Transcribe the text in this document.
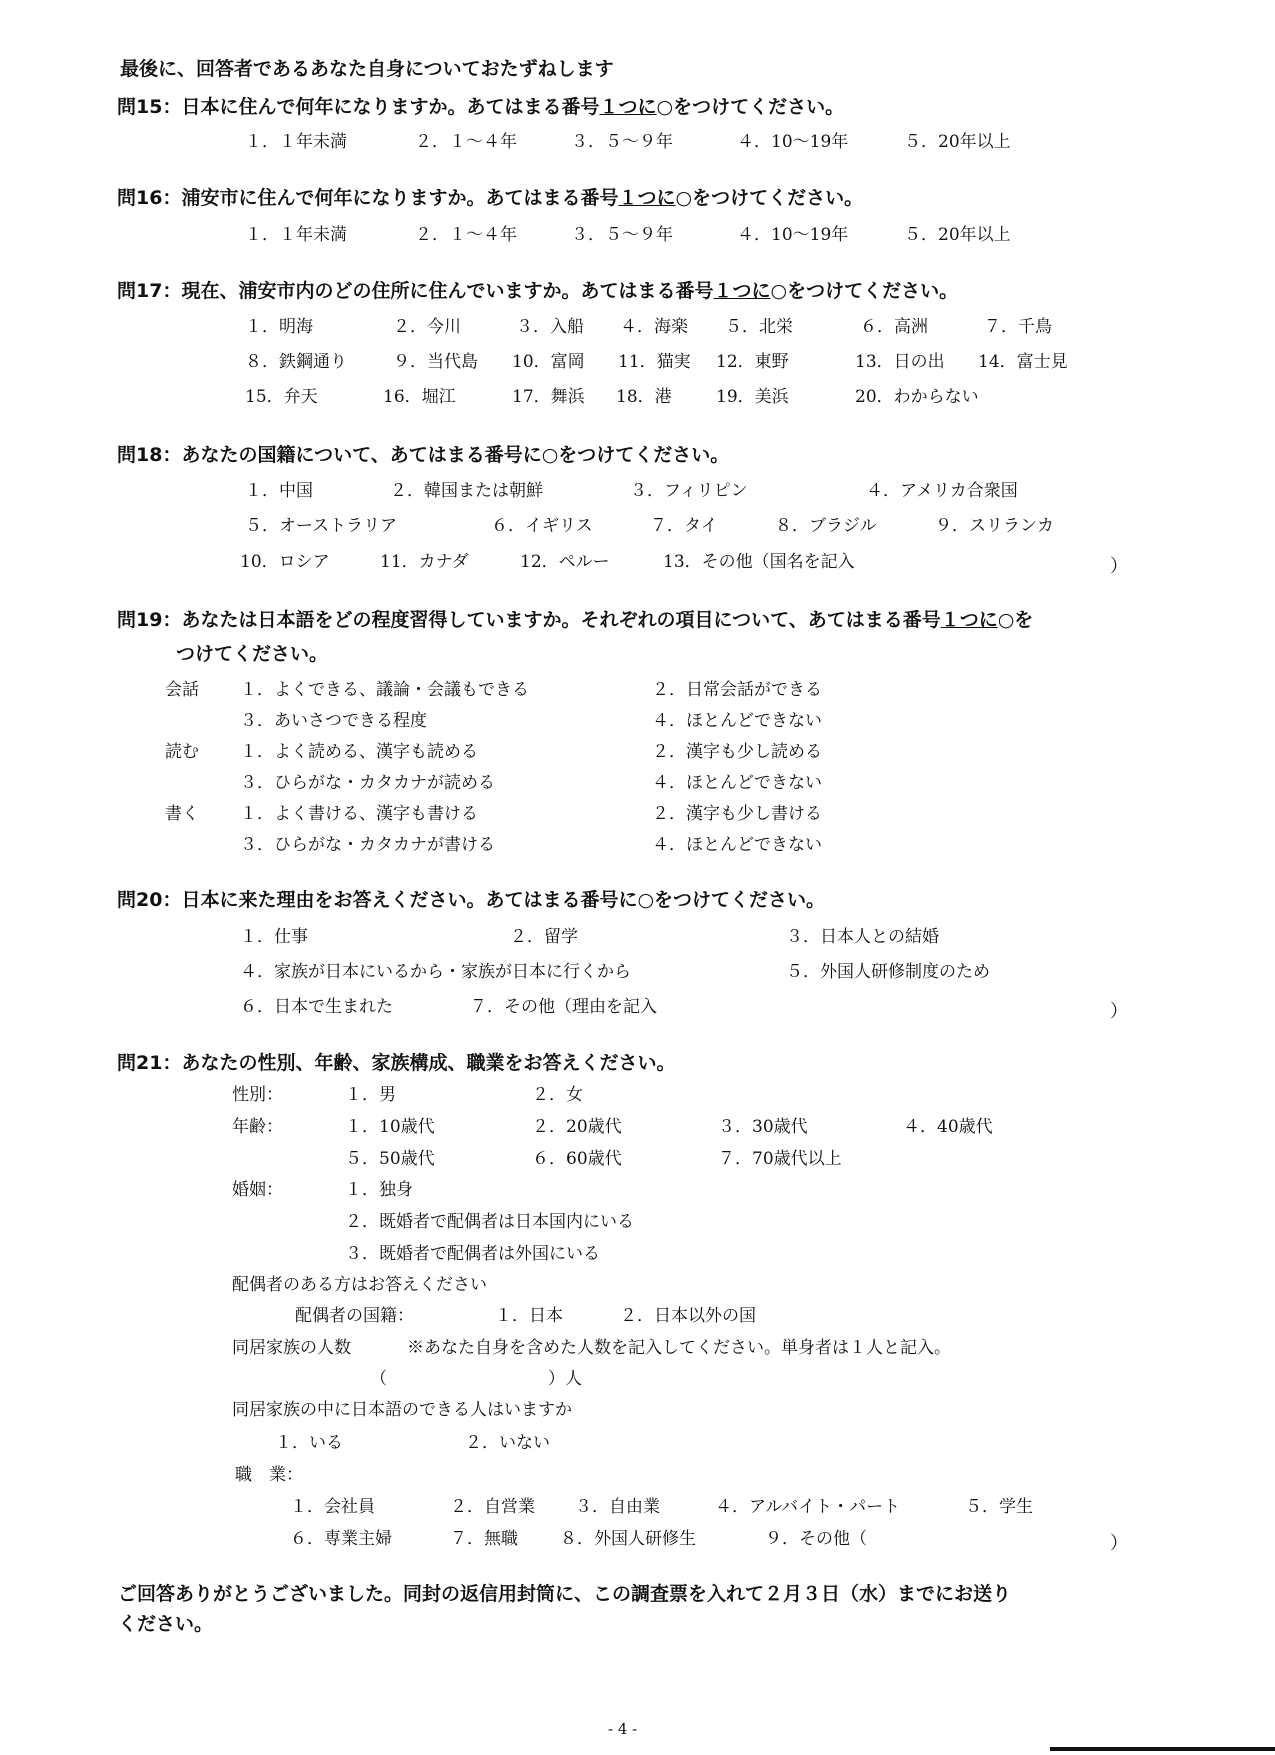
最後に、回答者であるあなた自身についておたずねします
問15：日本に住んで何年になりますか。あてはまる番号１つに○をつけてください。
１．１年未満	２．１～４年	３．５～９年	４．10～19年	５．20年以上
問16：浦安市に住んで何年になりますか。あてはまる番号１つに○をつけてください。
１．１年未満	２．１～４年	３．５～９年	４．10～19年	５．20年以上
問17：現在、浦安市内のどの住所に住んでいますか。あてはまる番号１つに○をつけてください。
１．明海	２．今川	３．入船 ４．海楽 ５．北栄	６．高洲	７．千鳥
８．鉄鋼通り	９．当代島 10．富岡 11．猫実 12．東野	13．日の出 14．富士見
15．弁天	16．堀江	17．舞浜 18．港	19．美浜	20．わからない
問18：あなたの国籍について、あてはまる番号に○をつけてください。
１．中国	２．韓国または朝鮮	３．フィリピン	４．アメリカ合衆国
５．オーストラリア	６．イギリス	７．タイ	８．ブラジル	９．スリランカ
10．ロシア	11．カナダ	12．ペルー	13．その他（国名を記入	）
問19：あなたは日本語をどの程度習得していますか。それぞれの項目について、あてはまる番号１つに○を
つけてください。
会話 １．よくできる、議論・会議もできる	２．日常会話ができる
３．あいさつできる程度	４．ほとんどできない
読む １．よく読める、漢字も読める	２．漢字も少し読める
３．ひらがな・カタカナが読める	４．ほとんどできない
書く １．よく書ける、漢字も書ける	２．漢字も少し書ける
３．ひらがな・カタカナが書ける	４．ほとんどできない
問20：日本に来た理由をお答えください。あてはまる番号に○をつけてください。
１．仕事	２．留学	３．日本人との結婚
４．家族が日本にいるから・家族が日本に行くから	５．外国人研修制度のため
６．日本で生まれた	７．その他（理由を記入	）
問21：あなたの性別、年齢、家族構成、職業をお答えください。
性別：	１．男	２．女
年齢：	１．10歳代	２．20歳代	３．30歳代	４．40歳代
５．50歳代	６．60歳代	７．70歳代以上
婚姻：	１．独身
２．既婚者で配偶者は日本国内にいる
３．既婚者で配偶者は外国にいる
配偶者のある方はお答えください
配偶者の国籍：	１．日本	２．日本以外の国
同居家族の人数	※あなた自身を含めた人数を記入してください。単身者は１人と記入。
（	）人
同居家族の中に日本語のできる人はいますか
１．いる	２．いない
職　業：
１．会社員	２．自営業 ３．自由業	４．アルバイト・パート	５．学生
６．専業主婦	７．無職 ８．外国人研修生	９．その他（	）
ご回答ありがとうございました。同封の返信用封筒に、この調査票を入れて２月３日（水）までにお送り
ください。
- 4 -
